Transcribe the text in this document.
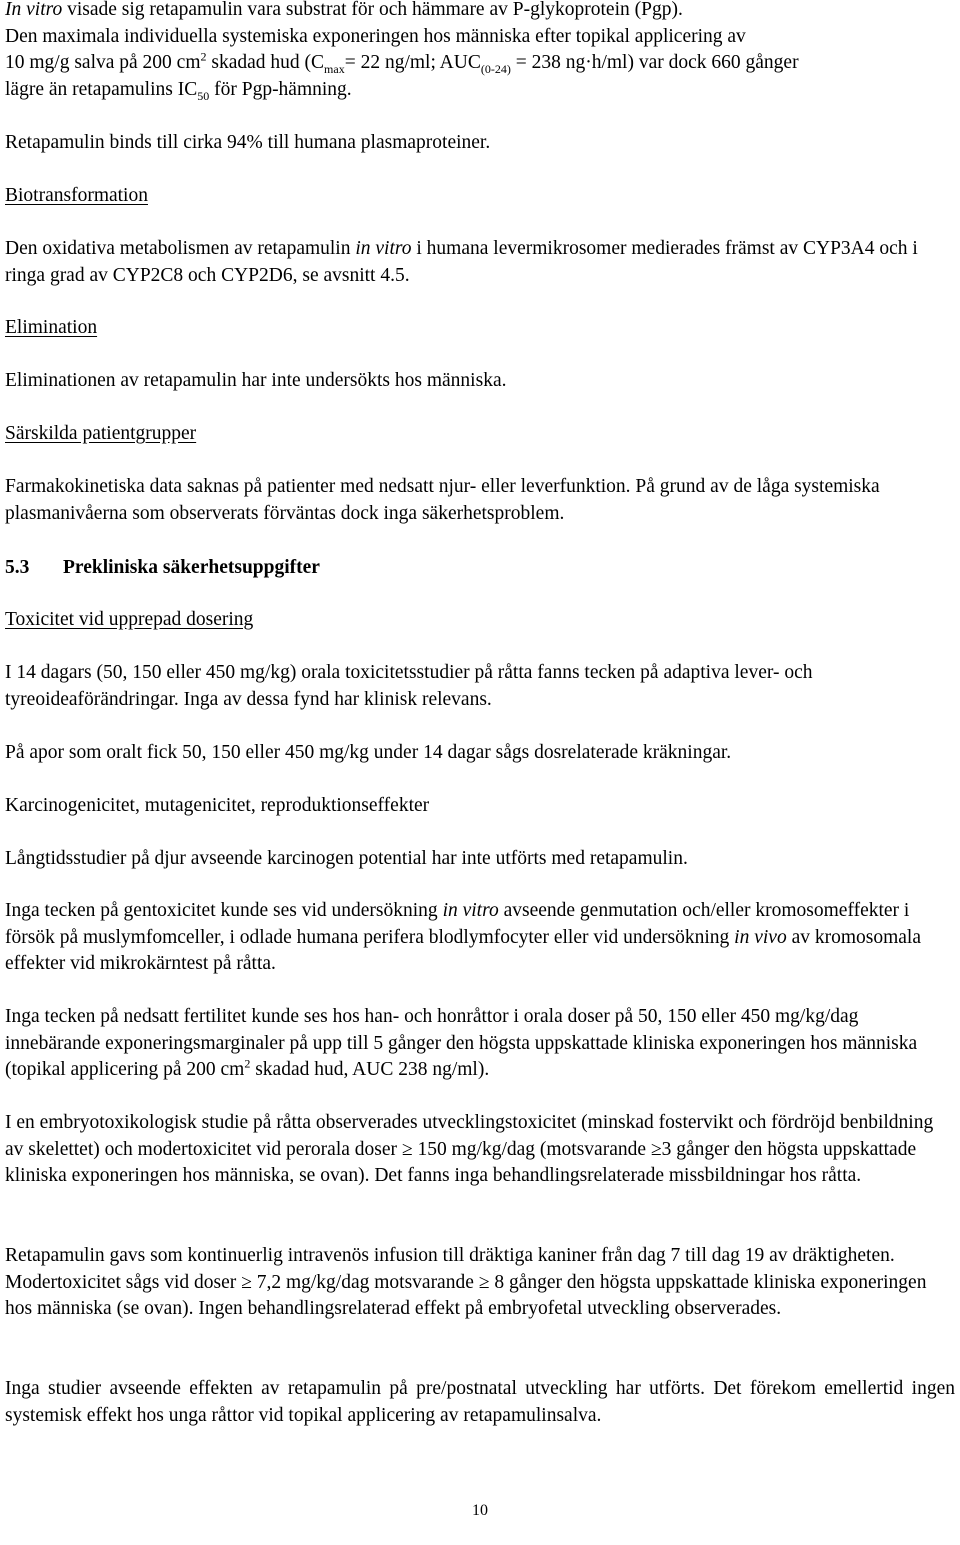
In vitro visade sig retapamulin vara substrat för och hämmare av P-glykoprotein (Pgp).
Den maximala individuella systemiska exponeringen hos människa efter topikal applicering av
10 mg/g salva på 200 $cm^2$ skadad hud ($C_{max}= 22$ ng/ml; $AUC_{(0-24)} = 238$ ng·h/ml) var dock 660 gånger
lägre än retapamulins $IC_{50}$ för Pgp-hämning.

Retapamulin binds till cirka 94% till humana plasmaproteiner.

Biotransformation

Den oxidativa metabolismen av retapamulin in vitro i humana levermikrosomer medierades främst av CYP3A4 och i ringa grad av CYP2C8 och CYP2D6, se avsnitt 4.5.

Elimination

Eliminationen av retapamulin har inte undersökts hos människa.

Särskilda patientgrupper

Farmakokinetiska data saknas på patienter med nedsatt njur- eller leverfunktion. På grund av de låga systemiska plasmanivåerna som observerats förväntas dock inga säkerhetsproblem.

5.3 Prekliniska säkerhetsuppgifter

Toxicitet vid upprepad dosering

I 14 dagars (50, 150 eller 450 mg/kg) orala toxicitetsstudier på råtta fanns tecken på adaptiva lever- och tyreoideaförändringar. Inga av dessa fynd har klinisk relevans.

På apor som oralt fick 50, 150 eller 450 mg/kg under 14 dagar sågs dosrelaterade kräkningar.

Karcinogenicitet, mutagenicitet, reproduktionseffekter

Långtidsstudier på djur avseende karcinogen potential har inte utförts med retapamulin.

Inga tecken på gentoxicitet kunde ses vid undersökning in vitro avseende genmutation och/eller kromosomeffekter i försök på muslymfomceller, i odlade humana perifera blodlymfocyter eller vid undersökning in vivo av kromosomala effekter vid mikrokärntest på råtta.

Inga tecken på nedsatt fertilitet kunde ses hos han- och honråttor i orala doser på 50, 150 eller 450 mg/kg/dag innebärande exponeringsmarginaler på upp till 5 gånger den högsta uppskattade kliniska exponeringen hos människa (topikal applicering på 200 $cm^2$ skadad hud, AUC 238 ng/ml).

I en embryotoxikologisk studie på råtta observerades utvecklingstoxicitet (minskad fostervikt och fördröjd benbildning av skelettet) och modertoxicitet vid perorala doser ≥ 150 mg/kg/dag (motsvarande ≥3 gånger den högsta uppskattade kliniska exponeringen hos människa, se ovan). Det fanns inga behandlingsrelaterade missbildningar hos råtta.

Retapamulin gavs som kontinuerlig intravenös infusion till dräktiga kaniner från dag 7 till dag 19 av dräktigheten. Modertoxicitet sågs vid doser ≥ 7,2 mg/kg/dag motsvarande ≥ 8 gånger den högsta uppskattade kliniska exponeringen hos människa (se ovan). Ingen behandlingsrelaterad effekt på embryofetal utveckling observerades.

Inga studier avseende effekten av retapamulin på pre/postnatal utveckling har utförts. Det förekom emellertid ingen systemisk effekt hos unga råttor vid topikal applicering av retapamulinsalva.

10
